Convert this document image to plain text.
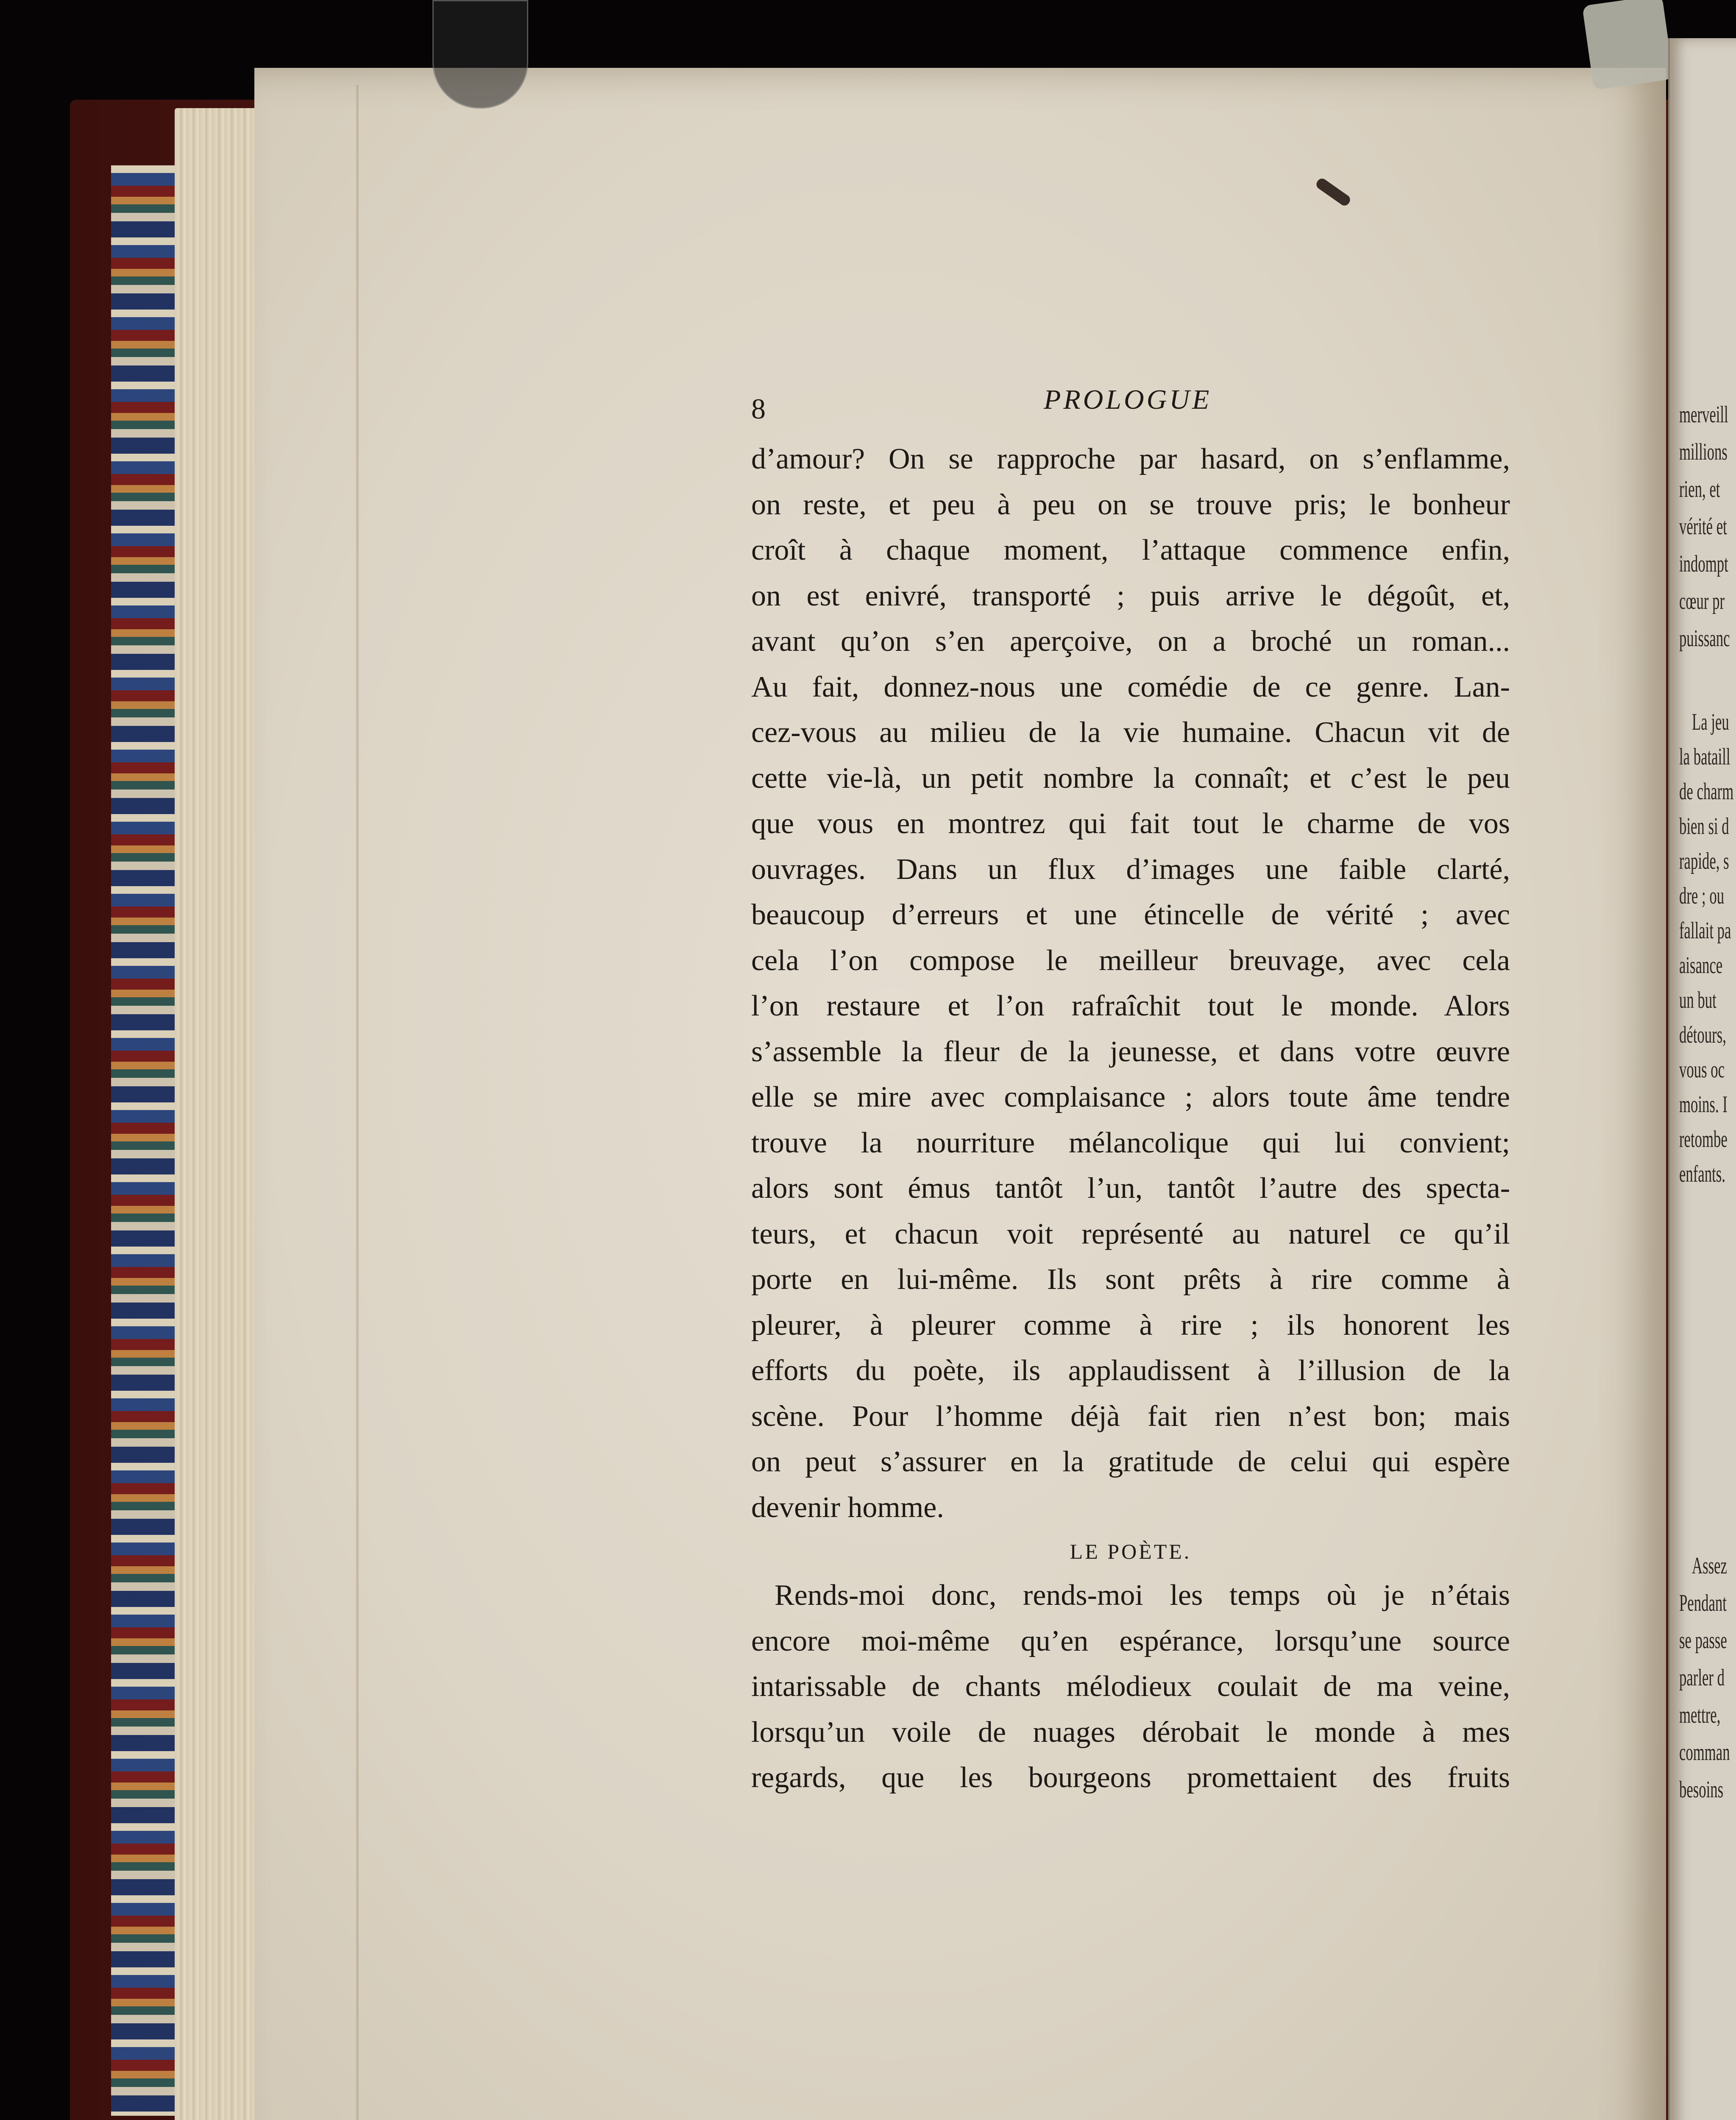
merveill
millions
rien, et
vérité et
indompt
cœur pr
puissanc
La jeu
la bataill
de charm
bien si d
rapide, s
dre ; ou
fallait pa
aisance
un but
détours,
vous oc
moins. I
retombe
enfants.
Assez
Pendant
se passe
parler d
mettre,
comman
besoins
8	PROLOGUE
d’amour? On se rapproche par hasard, on s’enflamme,
on reste, et peu à peu on se trouve pris; le bonheur
croît à chaque moment, l’attaque commence enfin,
on est enivré, transporté ; puis arrive le dégoût, et,
avant qu’on s’en aperçoive, on a broché un roman...
Au fait, donnez-nous une comédie de ce genre. Lan-
cez-vous au milieu de la vie humaine. Chacun vit de
cette vie-là, un petit nombre la connaît; et c’est le peu
que vous en montrez qui fait tout le charme de vos
ouvrages. Dans un flux d’images une faible clarté,
beaucoup d’erreurs et une étincelle de vérité ; avec
cela l’on compose le meilleur breuvage, avec cela
l’on restaure et l’on rafraîchit tout le monde. Alors
s’assemble la fleur de la jeunesse, et dans votre œuvre
elle se mire avec complaisance ; alors toute âme tendre
trouve la nourriture mélancolique qui lui convient;
alors sont émus tantôt l’un, tantôt l’autre des specta-
teurs, et chacun voit représenté au naturel ce qu’il
porte en lui-même. Ils sont prêts à rire comme à
pleurer, à pleurer comme à rire ; ils honorent les
efforts du poète, ils applaudissent à l’illusion de la
scène. Pour l’homme déjà fait rien n’est bon; mais
on peut s’assurer en la gratitude de celui qui espère
devenir homme.

LE POÈTE.

Rends-moi donc, rends-moi les temps où je n’étais
encore moi-même qu’en espérance, lorsqu’une source
intarissable de chants mélodieux coulait de ma veine,
lorsqu’un voile de nuages dérobait le monde à mes
regards, que les bourgeons promettaient des fruits
